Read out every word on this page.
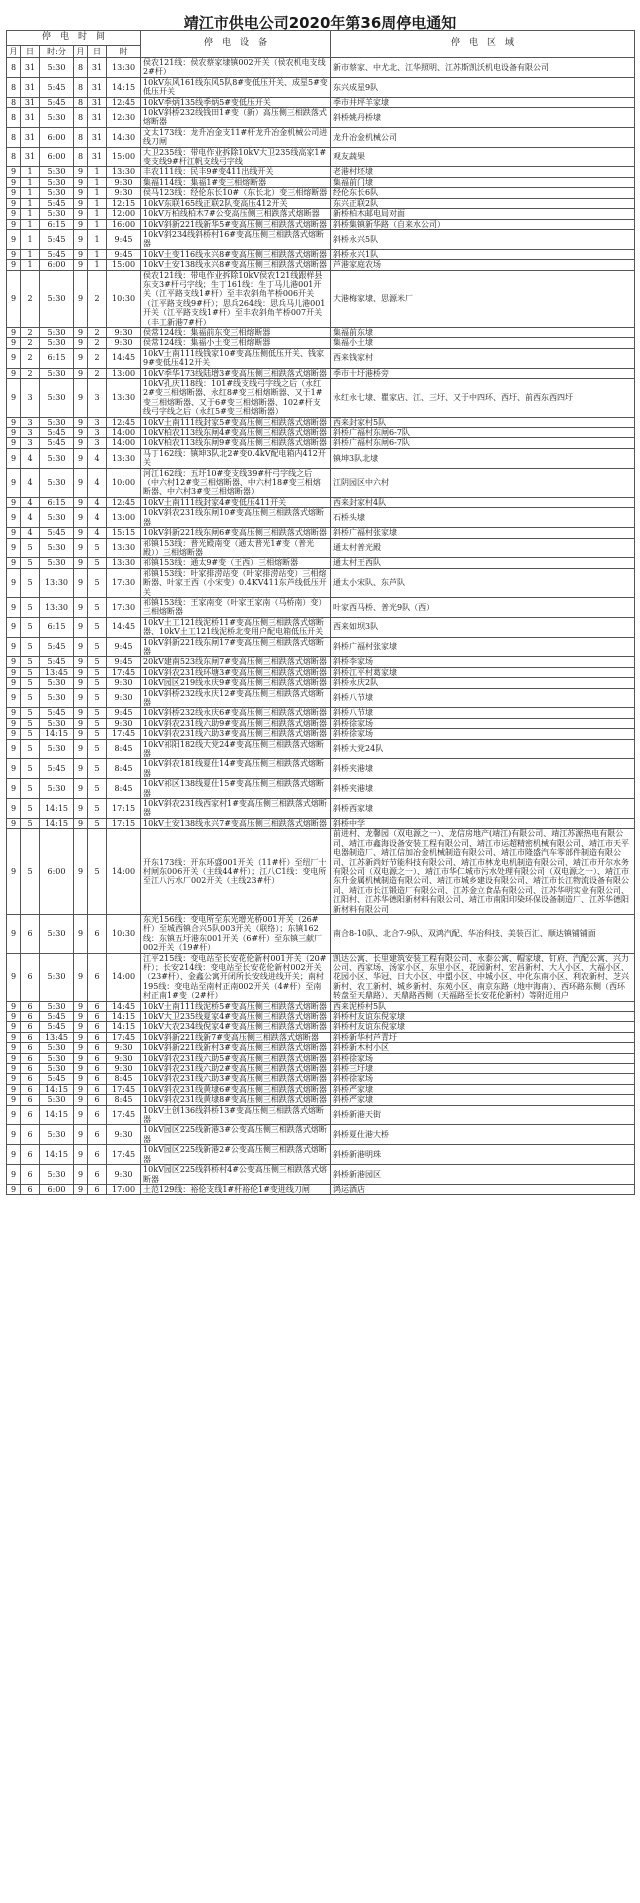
靖江市供电公司2020年第36周停电通知
停　电　时　间						停　电　设　备	停　电　区　域
月	日	时:分	月	日	时		
8	31	5:30	8	31	13:30	侯农121线：侯农蔡家埭镇002开关（侯农机电支线2#杆）	新市蔡家、中尤北、江华照明、江苏斯凯沃机电设备有限公司
8	31	5:45	8	31	14:15	10kV东风161线东风5队8#变低压开关、成星5#变低压开关	东兴成星9队
8	31	5:45	8	31	12:45	10kV季炳135线季炳5#变低压开关	季市井坪羊家埭
8	31	5:30	8	31	12:30	10kV斜桥232线钱田1#变（新）高压侧三相跌落式熔断器	斜桥姚丹桥埭
8	31	6:00	8	31	14:30	文太173线：龙升冶金支11#杆龙升冶金机械公司进线刀闸	龙升冶金机械公司
8	31	6:00	8	31	15:00	大卫235线：带电作业拆除10kV大卫235线高家1#变支线9#杆江帆支线弓字线	观友蔬果
9	1	5:30	9	1	13:30	丰农111线：民丰9#变411出线开关	老港村坯埭
9	1	5:30	9	1	9:30	集福114线：集福1#变三相熔断器	集福前门埭
9	1	5:30	9	1	9:30	侯马123线：经伦东长10#（东长北）变三相熔断器	经伦东长6队
9	1	5:45	9	1	12:15	10kV东联165线正联2队变高压412开关	东兴正联2队
9	1	5:30	9	1	12:00	10kV万柏线柏木7#公变高压侧三相跌落式熔断器	新桥柏木邮电局对面
9	1	6:15	9	1	16:00	10kV斜新221线新华5#变高压侧三相跌落式熔断器	斜桥集镇新华路（自来水公司）
9	1	5:45	9	1	9:45	10kV斜234线斜桥村16#变高压侧三相跌落式熔断器	斜桥永兴5队
9	1	5:45	9	1	9:45	10kV土变116线永兴8#变高压侧三相跌落式熔断器	斜桥永兴1队
9	1	6:00	9	1	15:00	10kV土安138线永兴8#变高压侧三相跌落式熔断器	芦港家庭农场
9	2	5:30	9	2	10:30	侯农121线：带电作业拆除10kV侯农121线跟样县东支3#杆弓字线；生丁161线：生丁马儿港001开关（江平路支线1#杆）至丰农斜角芊桥006开关（江平路支线9#杆）；思兵264线：思兵马儿港001开关（江平路支线1#杆）至丰农斜角芊桥007开关（丰工新港7#杆）	大港梅家埭、思源米厂
9	2	5:30	9	2	9:30	侯常124线：集福前东变三相熔断器	集福前东埭
9	2	5:30	9	2	9:30	侯常124线：集福小土变三相熔断器	集福小土埭
9	2	6:15	9	2	14:45	10kV土南111线钱家10#变高压侧低压开关、钱家9#变低压412开关	西来钱家村
9	2	5:30	9	2	13:00	10kV季华173线陆增3#变高压侧三相跌落式熔断器	季市十圩港桥旁
9	3	5:30	9	3	13:30	10kV孔庆118线：101#线支线弓字线之后（永红2#变三相熔断器、永红8#变三相熔断器、又于1#变三相熔断器、又于6#变三相熔断器、102#杆支线弓字线之后（永红5#变三相熔断器）	永红永七埭、瞿家店、江、三圩、又于中四环、西圩、前西东西四圩
9	3	5:30	9	3	12:45	10kV土南111线封家5#变高压侧三相跌落式熔断器	西来封家村5队
9	3	5:45	9	3	14:00	10kV柏农113线东闸4#变高压侧三相跌落式熔断器	斜桥广福村东闸6-7队
9	3	5:45	9	3	14:00	10kV柏农113线东闸9#变高压侧三相跌落式熔断器	斜桥广福村东闸6-7队
9	4	5:30	9	4	13:30	马丁162线：镇坤3队北2#变0.4kV配电箱内412开关	镇坤3队北埭
9	4	5:30	9	4	10:00	河江162线：五圩10#变支线39#杆弓字线之后（中六村12#变三相熔断器、中六村18#变三相熔断器、中六村3#变三相熔断器）	江阴园区中六村
9	4	6:15	9	4	12:45	10kV土南111线封家4#变低压411开关	西来封家村4队
9	4	5:30	9	4	13:00	10kV斜农231线东闸10#变高压侧三相跌落式熔断器	石桥头埭
9	4	5:45	9	4	15:15	10kV斜新221线东闸6#变高压侧三相跌落式熔断器	斜桥广福村张家埭
9	5	5:30	9	5	13:30	祁镇153线：普光殿南变（通太普光1#变（普光殿））三相熔断器	通太村普光殿
9	5	5:30	9	5	13:30	祁镇153线：通太9#变（王西）三相熔断器	通太村王西队
9	5	13:30	9	5	17:30	祁镇153线：叶家排涝站变（叶家排涝站变）三相熔断器、叶家王西（小宋变）0.4KV411东芦线低压开关	通太小宋队、东芦队
9	5	13:30	9	5	17:30	祁镇153线：王家南变（叶家王家南（马桥南）变）三相熔断器	叶家西马桥、普光9队（西）
9	5	6:15	9	5	14:45	10kV土工121线泥桥11#变高压侧三相跌落式熔断器、10kV土工121线泥桥北变用户配电箱低压开关	西来如坝3队
9	5	5:45	9	5	9:45	10kV斜新221线东闸17#变高压侧三相跌落式熔断器	斜桥广福村张家埭
9	5	5:45	9	5	9:45	20kV建南523线东闸7#变高压侧三相跌落式熔断器	斜桥李家场
9	5	13:45	9	5	17:45	10kV斜农231线环塘3#变高压侧三相跌落式熔断器	斜桥江平村葛家埭
9	5	5:30	9	5	9:30	10kV园区219线永庆9#变高压侧三相跌落式熔断器	斜桥永庆2队
9	5	5:30	9	5	9:30	10kV斜桥232线永庆12#变高压侧三相跌落式熔断器	斜桥八节埭
9	5	5:45	9	5	9:45	10kV斜桥232线永庆6#变高压侧三相跌落式熔断器	斜桥八节埭
9	5	5:30	9	5	9:30	10kV斜农231线六助9#变高压侧三相跌落式熔断器	斜桥徐家场
9	5	14:15	9	5	17:45	10kV斜农231线六助3#变高压侧三相跌落式熔断器	斜桥徐家场
9	5	5:30	9	5	8:45	10kV祁阳182线大党24#变高压侧三相跌落式熔断器	斜桥大党24队
9	5	5:45	9	5	8:45	10kV斜农181线夏仕14#变高压侧三相跌落式熔断器	斜桥夹港埭
9	5	5:30	9	5	8:45	10kV祁区138线夏仕15#变高压侧三相跌落式熔断器	斜桥夹港埭
9	5	14:15	9	5	17:15	10kV斜农231线西家村1#变高压侧三相跌落式熔断器	斜桥西家埭
9	5	14:15	9	5	17:15	10kV土安138线永兴7#变高压侧三相跌落式熔断器	斜桥中学
9	5	6:00	9	5	14:00	开东173线：开东环盛001开关（11#杆）至纽厂十村闸东006开关（主线44#杆）；江八C1线：变电所至江八污水厂002开关（主线23#杆）	前进村、龙馨园（双电源之一）、龙信房地产(靖江)有限公司、靖江苏源热电有限公司、靖江市鑫海设备安装工程有限公司、靖江市运超精密机械有限公司、靖江市天平电器制造厂、靖江信加冶金机械制造有限公司、靖江市隆盛汽车零部件制造有限公司、江苏新尚好节能科技有限公司、靖江市林龙电机制造有限公司、靖江市开尔水务有限公司（双电源之一）、靖江市华仁城市污水处理有限公司（双电源之一）、靖江市东升金属机械制造有限公司、靖江市城乡建设有限公司、靖江市长江物流设备有限公司、靖江市长江锻造厂有限公司、江苏金立食品有限公司、江苏华明实业有限公司、江阳村、江苏华德阳新材料有限公司、靖江市南阳印染环保设备制造厂、江苏华德阳新材料有限公司
9	6	5:30	9	6	10:30	东光156线：变电所至东光增光桥001开关（26#杆）至城西镇合兴5队003开关（联络）；东镇162线：东镇五圩港东001开关（6#杆）至东镇三献厂002开关（19#杆）	南合8-10队、北合7-9队、双鸿汽配、华冶科技、美装百汇、顺达镇铺铺面
9	6	5:30	9	6	14:00	江平215线：变电站至长安花伦新村001开关（20#杆）；长安214线：变电站至长安花伦新村002开关（23#杆）、金鑫公寓开闭所长安线进线开关；南村195线：变电站至南村正南002开关（4#杆）至南村正南1#变（2#杆）	凯达公寓、长里建筑安装工程有限公司、永泰公寓、帽家埭、钉府、汽配公寓、兴力公司、西家场、汤家小区、东里小区、花园新村、宏昌新村、大人小区、大福小区、花园小区、华冠、日大小区、中盟小区、中城小区、中化东南小区、利农新村、芝兴新村、农工新村、城乡新村、东苑小区、南京东路（地中海南）、西环路东侧（西环转盘至天鼎路）、天鼎路西侧（天福路至长安花伦新村）等附近用户
9	6	5:30	9	6	14:45	10kV土南111线泥桥5#变高压侧三相跌落式熔断器	西来泥桥村5队
9	6	5:45	9	6	14:15	10kV大卫235线夏家4#变高压侧三相跌落式熔断器	斜桥村友谊东倪家埭
9	6	5:45	9	6	14:15	10kV大农234线倪家4#变高压侧三相跌落式熔断器	斜桥村友谊东倪家埭
9	6	13:45	9	6	17:45	10kV斜新221线新7#变高压侧三相跌落式熔断器	斜桥新华村芦青圩
9	6	5:30	9	6	9:30	10kV斜新221线新村3#变高压侧三相跌落式熔断器	斜桥新木村小区
9	6	5:30	9	6	9:30	10kV斜农231线六助5#变高压侧三相跌落式熔断器	斜桥徐家场
9	6	5:30	9	6	9:30	10kV斜农231线六助2#变高压侧三相跌落式熔断器	斜桥三圩埭
9	6	5:45	9	6	8:45	10kV斜农231线六助3#变高压侧三相跌落式熔断器	斜桥徐家场
9	6	14:15	9	6	17:45	10kV斜农231线黄埭6#变高压侧三相跌落式熔断器	斜桥严家埭
9	6	5:30	9	6	8:45	10kV斜农231线黄埭8#变高压侧三相跌落式熔断器	斜桥严家埭
9	6	14:15	9	6	17:45	10kV土创136线斜桥13#变高压侧三相跌落式熔断器	斜桥新港天街
9	6	5:30	9	6	9:30	10kV园区225线新港3#公变高压侧三相跌落式熔断器	斜桥夏仕港大桥
9	6	14:15	9	6	17:45	10kV园区225线新港2#公变高压侧三相跌落式熔断器	斜桥新港明珠
9	6	5:30	9	6	9:30	10kV园区225线斜桥村4#公变高压侧三相跌落式熔断器	斜桥新港园区
9	6	6:00	9	6	17:00	土范129线：裕伦支线1#杆裕伦1#变进线刀闸	鸿运酒店
